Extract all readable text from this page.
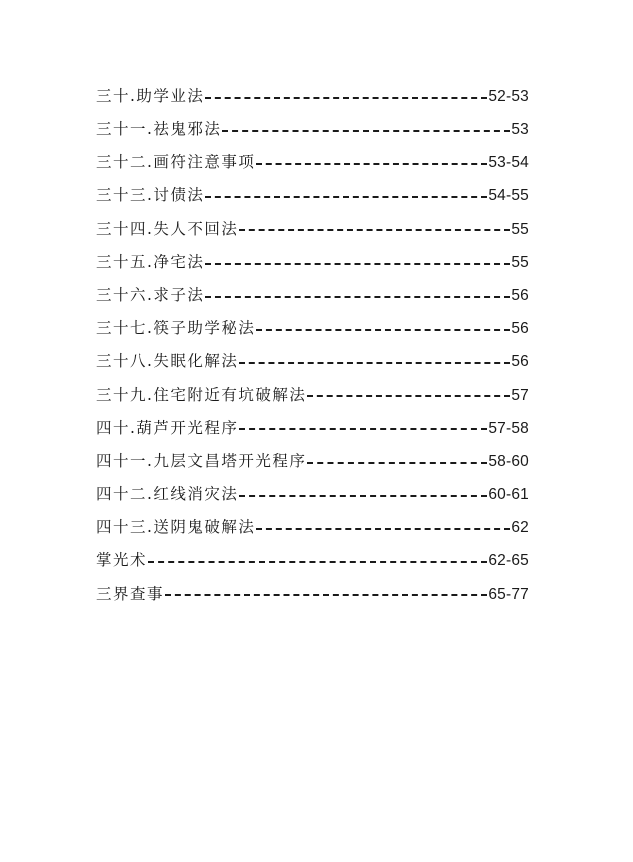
三十.助学业法	52-53
三十一.祛鬼邪法	53
三十二.画符注意事项	53-54
三十三.讨债法	54-55
三十四.失人不回法	55
三十五.净宅法	55
三十六.求子法	56
三十七.筷子助学秘法	56
三十八.失眠化解法	56
三十九.住宅附近有坑破解法	57
四十.葫芦开光程序	57-58
四十一.九层文昌塔开光程序	58-60
四十二.红线消灾法	60-61
四十三.送阴鬼破解法	62
掌光术	62-65
三界查事	65-77
